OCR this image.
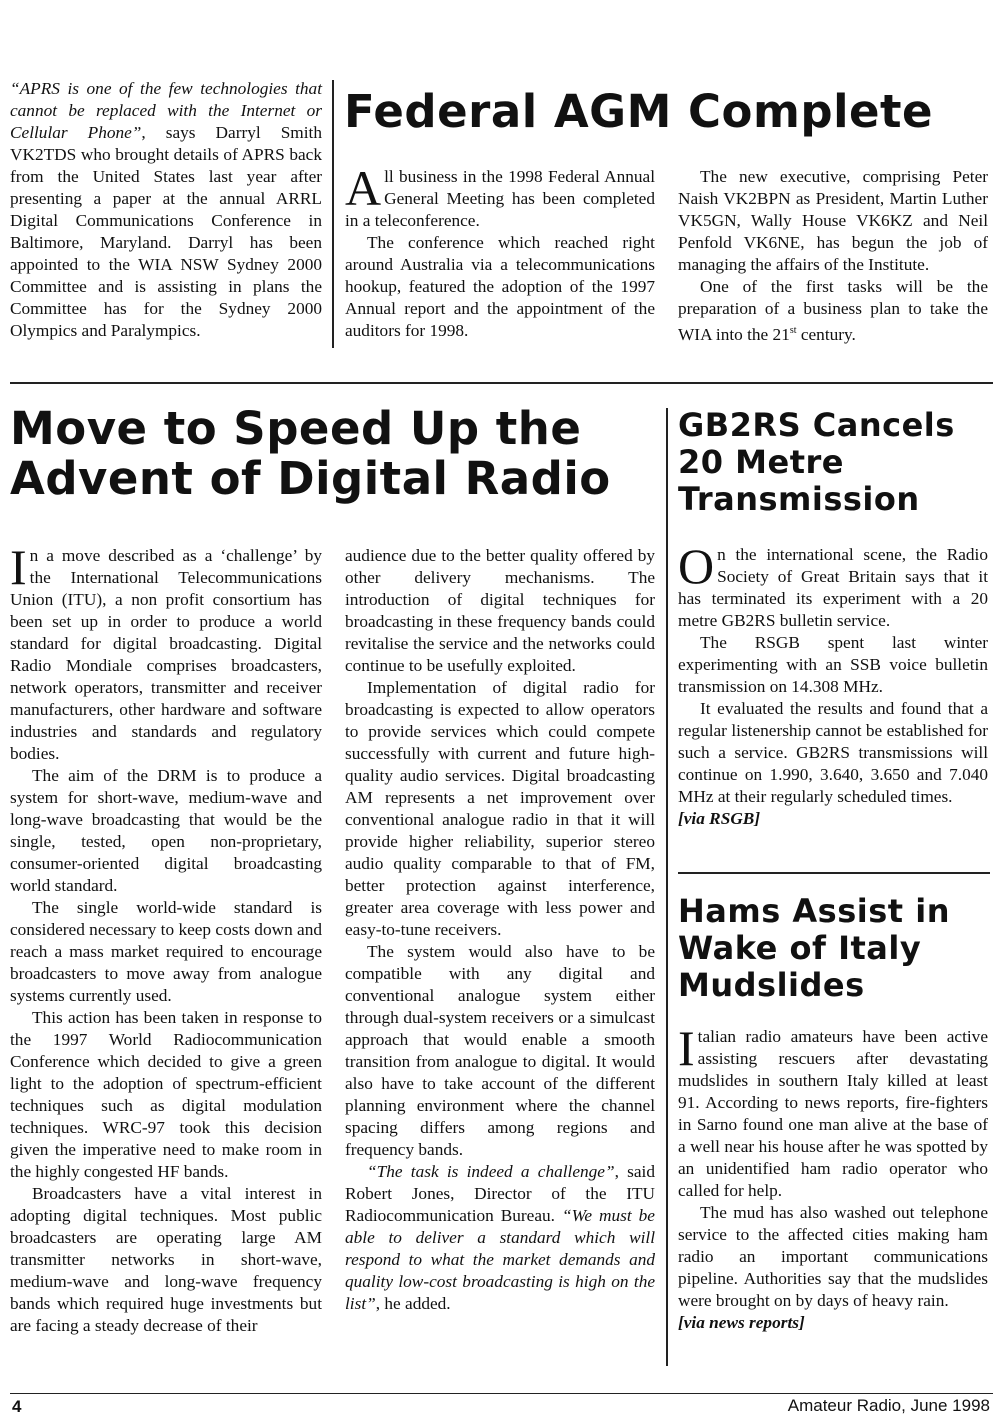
“APRS is one of the few technologies that cannot be replaced with the Internet or Cellular Phone”, says Darryl Smith VK2TDS who brought details of APRS back from the United States last year after presenting a paper at the annual ARRL Digital Communications Conference in Baltimore, Maryland. Darryl has been appointed to the WIA NSW Sydney 2000 Committee and is assisting in plans the Committee has for the Sydney 2000 Olympics and Paralympics.

Federal AGM Complete

All business in the 1998 Federal Annual General Meeting has been completed in a teleconference.

The conference which reached right around Australia via a telecommunications hookup, featured the adoption of the 1997 Annual report and the appointment of the auditors for 1998.

The new executive, comprising Peter Naish VK2BPN as President, Martin Luther VK5GN, Wally House VK6KZ and Neil Penfold VK6NE, has begun the job of managing the affairs of the Institute.

One of the first tasks will be the preparation of a business plan to take the WIA into the 21st century.

Move to Speed Up the
Advent of Digital Radio

In a move described as a ‘challenge’ by the International Telecommunications Union (ITU), a non profit consortium has been set up in order to produce a world standard for digital broadcasting. Digital Radio Mondiale comprises broadcasters, network operators, transmitter and receiver manufacturers, other hardware and software industries and standards and regulatory bodies.

The aim of the DRM is to produce a system for short-wave, medium-wave and long-wave broadcasting that would be the single, tested, open non-proprietary, consumer-oriented digital broadcasting world standard.

The single world-wide standard is considered necessary to keep costs down and reach a mass market required to encourage broadcasters to move away from analogue systems currently used.

This action has been taken in response to the 1997 World Radiocommunication Conference which decided to give a green light to the adoption of spectrum-efficient techniques such as digital modulation techniques. WRC-97 took this decision given the imperative need to make room in the highly congested HF bands.

Broadcasters have a vital interest in adopting digital techniques. Most public broadcasters are operating large AM transmitter networks in short-wave, medium-wave and long-wave frequency bands which required huge investments but are facing a steady decrease of their

audience due to the better quality offered by other delivery mechanisms. The introduction of digital techniques for broadcasting in these frequency bands could revitalise the service and the networks could continue to be usefully exploited.

Implementation of digital radio for broadcasting is expected to allow operators to provide services which could compete successfully with current and future high-quality audio services. Digital broadcasting AM represents a net improvement over conventional analogue radio in that it will provide higher reliability, superior stereo audio quality comparable to that of FM, better protection against interference, greater area coverage with less power and easy-to-tune receivers.

The system would also have to be compatible with any digital and conventional analogue system either through dual-system receivers or a simulcast approach that would enable a smooth transition from analogue to digital. It would also have to take account of the different planning environment where the channel spacing differs among regions and frequency bands.

“The task is indeed a challenge”, said Robert Jones, Director of the ITU Radiocommunication Bureau. “We must be able to deliver a standard which will respond to what the market demands and quality low-cost broadcasting is high on the list”, he added.

GB2RS Cancels
20 Metre
Transmission

On the international scene, the Radio Society of Great Britain says that it has terminated its experiment with a 20 metre GB2RS bulletin service.

The RSGB spent last winter experimenting with an SSB voice bulletin transmission on 14.308 MHz.

It evaluated the results and found that a regular listenership cannot be established for such a service. GB2RS transmissions will continue on 1.990, 3.640, 3.650 and 7.040 MHz at their regularly scheduled times.

[via RSGB]

Hams Assist in
Wake of Italy
Mudslides

Italian radio amateurs have been active assisting rescuers after devastating mudslides in southern Italy killed at least 91. According to news reports, fire-fighters in Sarno found one man alive at the base of a well near his house after he was spotted by an unidentified ham radio operator who called for help.

The mud has also washed out telephone service to the affected cities making ham radio an important communications pipeline. Authorities say that the mudslides were brought on by days of heavy rain.

[via news reports]

4	Amateur Radio, June 1998
